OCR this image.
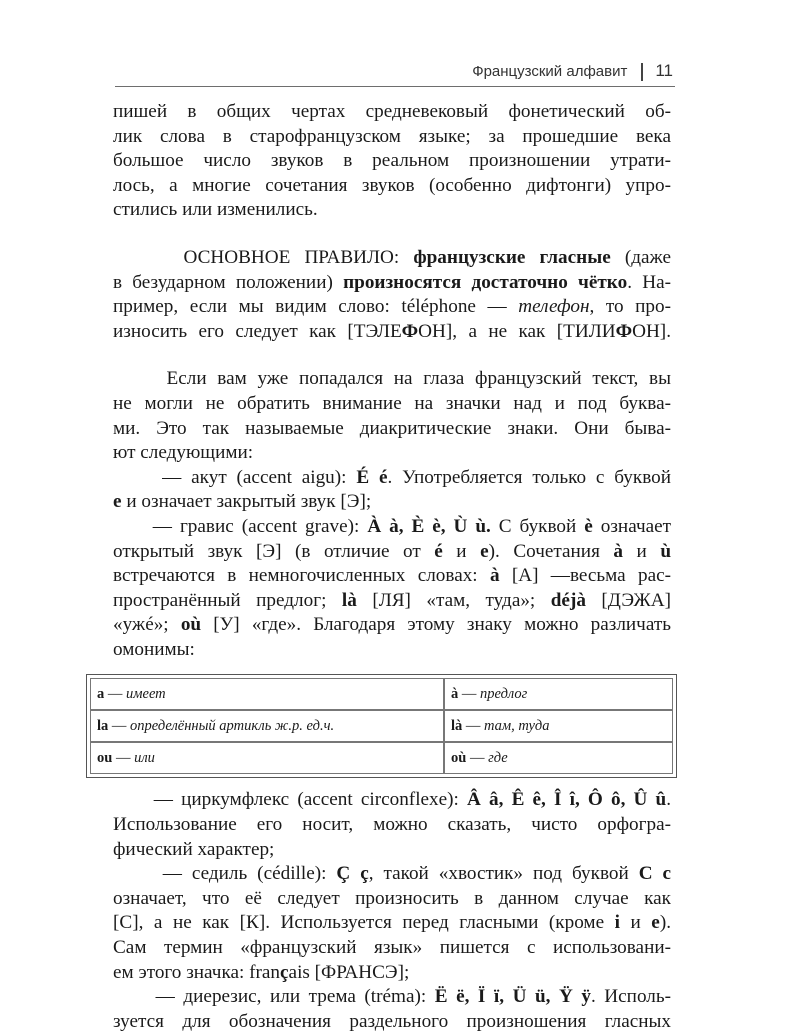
Французский алфавит 11
пишей в общих чертах средневековый фонетический об-
лик слова в старофранцузском языке; за прошедшие века
большое число звуков в реальном произношении утрати-
лось, а многие сочетания звуков (особенно дифтонги) упро-
стились или изменились.
ОСНОВНОЕ ПРАВИЛО: французские гласные (даже
в безударном положении) произносятся достаточно чётко. На-
пример, если мы видим слово: téléphone — телефон, то про-
износить его следует как [ТЭЛЕФОН], а не как [ТИЛИФОН].
Если вам уже попадался на глаза французский текст, вы
не могли не обратить внимание на значки над и под буква-
ми. Это так называемые диакритические знаки. Они быва-
ют следующими:
— акут (accent aigu): É é. Употребляется только с буквой
e и означает закрытый звук [Э];
— гравис (accent grave): À à, È è, Ù ù. С буквой è означает
открытый звук [Э] (в отличие от é и e). Сочетания à и ù
встречаются в немногочисленных словах: à [А] —весьма рас-
пространённый предлог; là [ЛЯ] «там, туда»; déjà [ДЭЖА]
«ужé»; où [У] «где». Благодаря этому знаку можно различать
омонимы:
a — имеет	à — предлог
la — определённый артикль ж.р. ед.ч.	là — там, туда
ou — или	où — где
— циркумфлекс (accent circonflexe): Â â, Ê ê, Î î, Ô ô, Û û.
Использование его носит, можно сказать, чисто орфогра-
фический характер;
— седиль (cédille): Ç ç, такой «хвостик» под буквой C c
означает, что её следует произносить в данном случае как
[С], а не как [К]. Используется перед гласными (кроме i и e).
Сам термин «французский язык» пишется с использовани-
ем этого значка: français [ФРАНСЭ];
— диерезис, или трема (tréma): Ë ë, Ï ï, Ü ü, Ÿ ÿ. Исполь-
зуется для обозначения раздельного произношения гласных
